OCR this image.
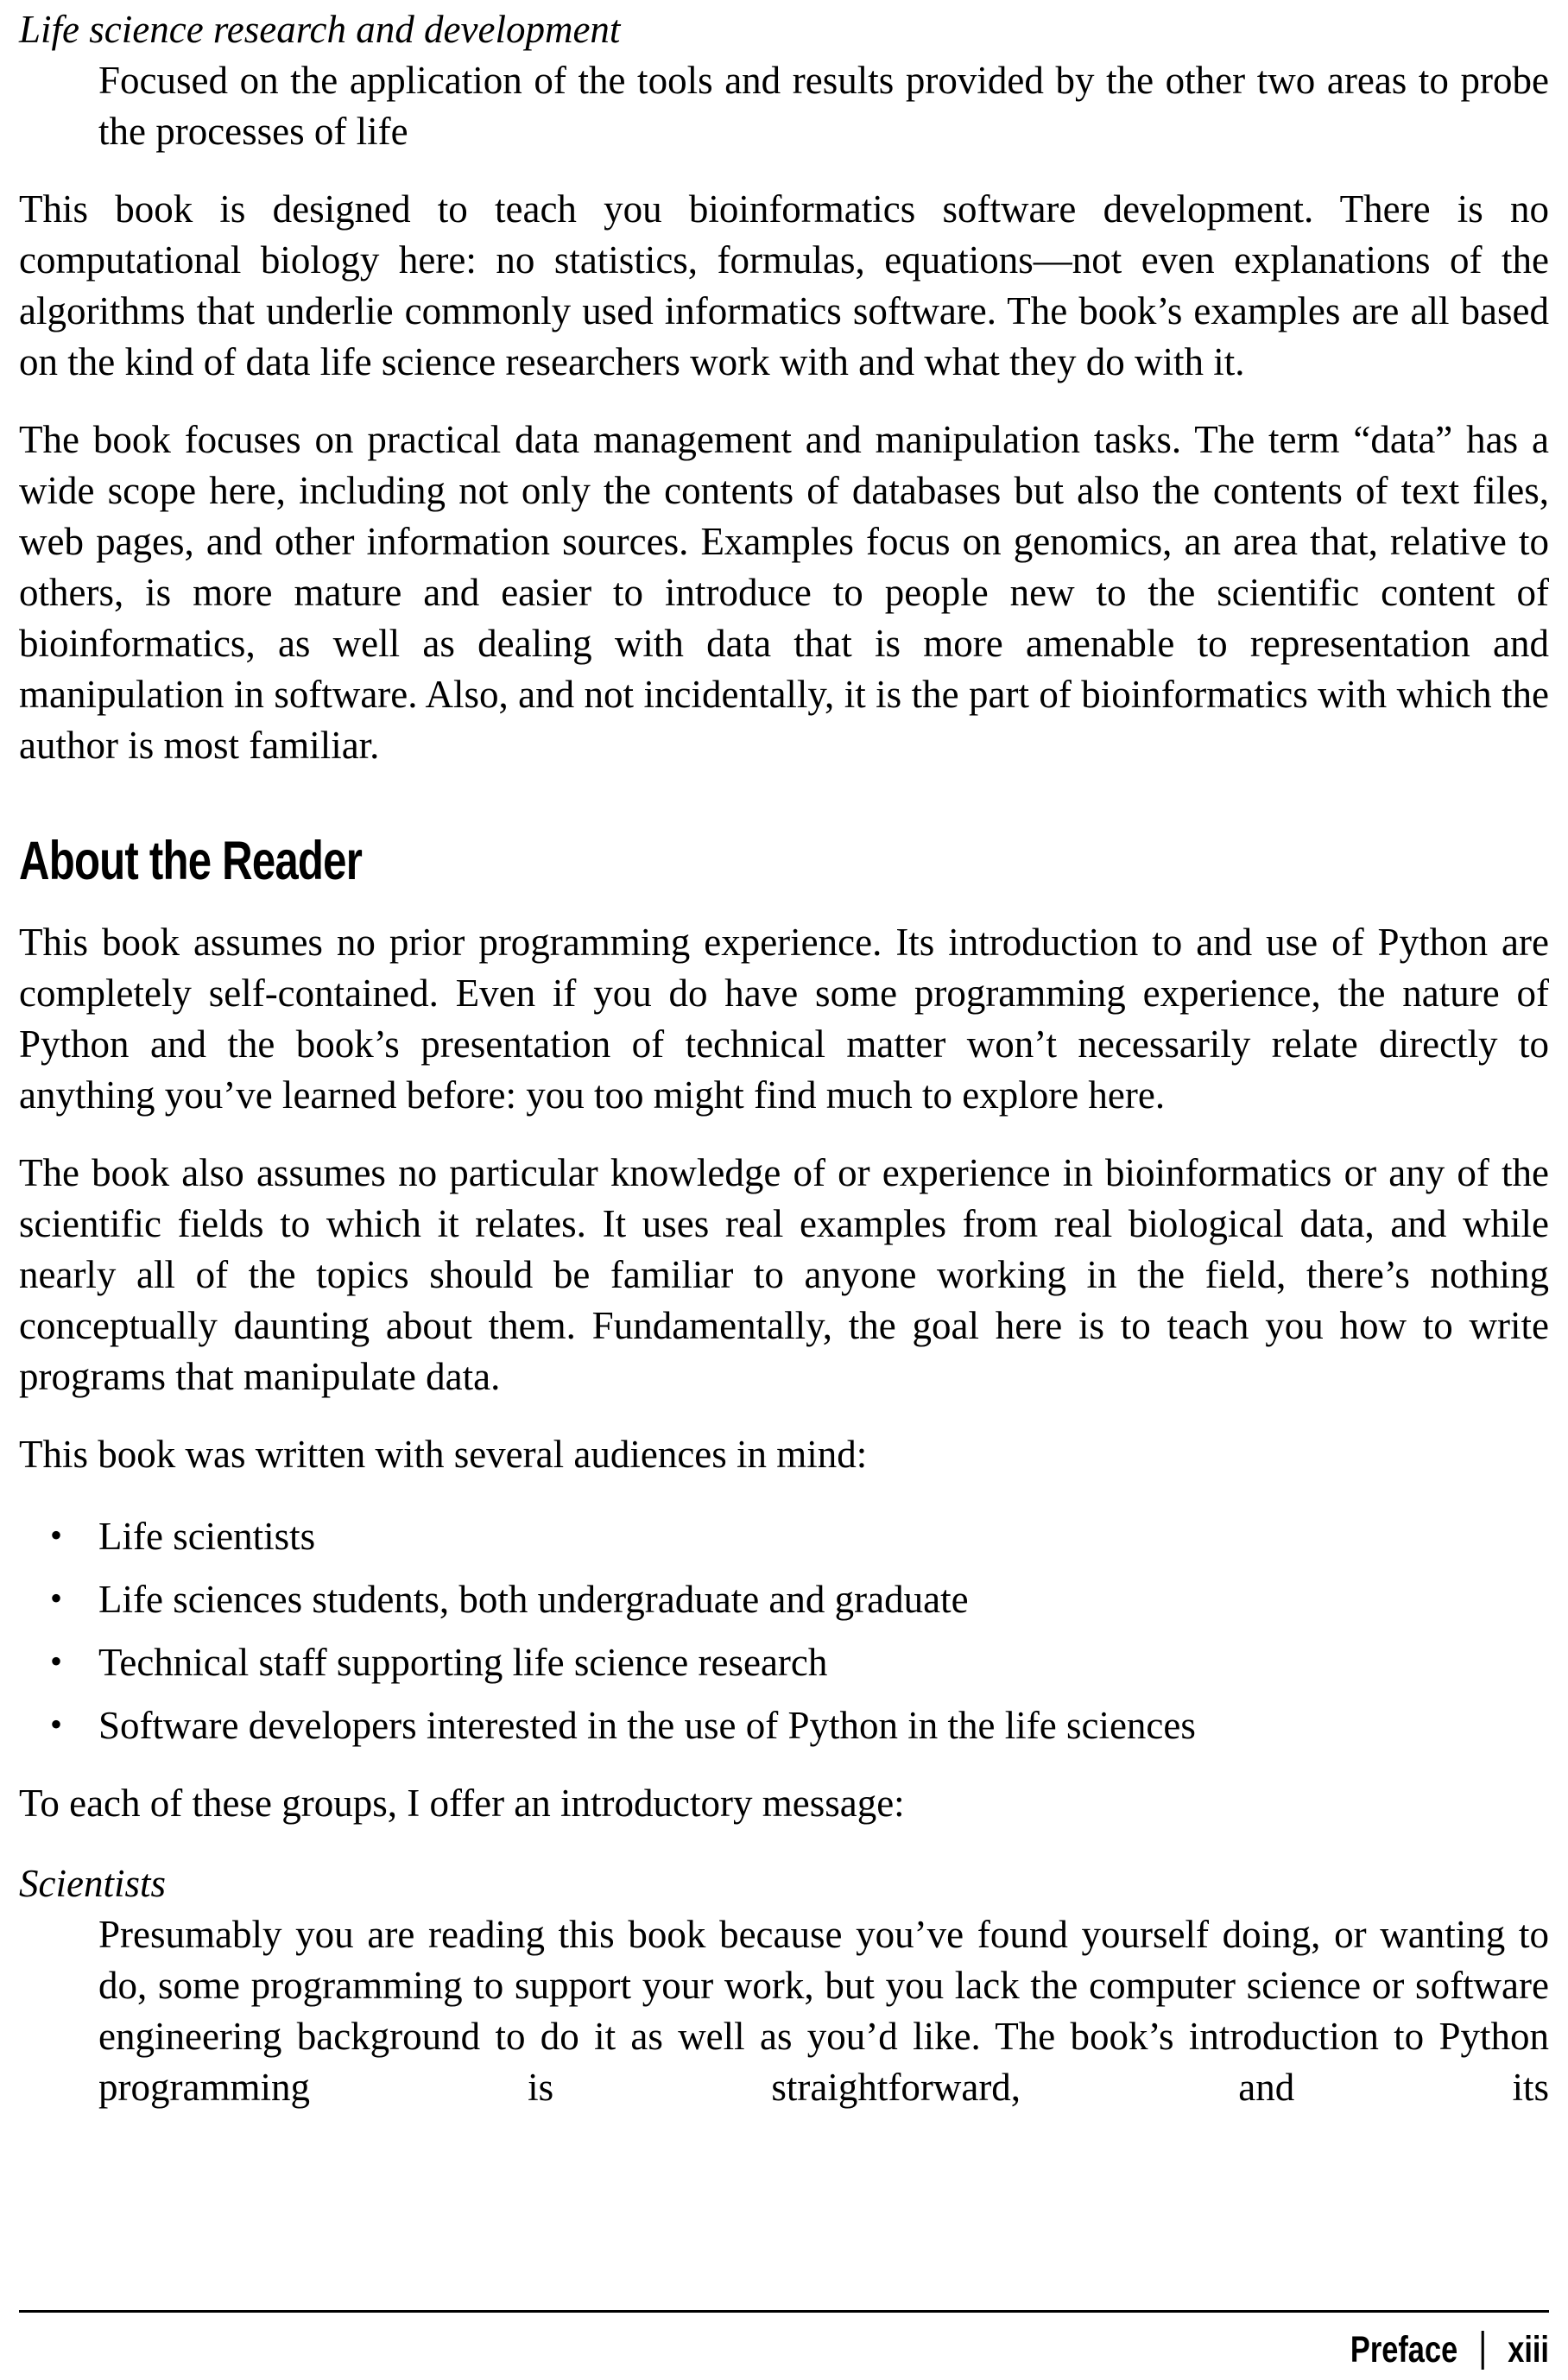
Life science research and development
Focused on the application of the tools and results provided by the other two areas to probe the processes of life

This book is designed to teach you bioinformatics software development. There is no computational biology here: no statistics, formulas, equations—not even explanations of the algorithms that underlie commonly used informatics software. The book’s examples are all based on the kind of data life science researchers work with and what they do with it.

The book focuses on practical data management and manipulation tasks. The term “data” has a wide scope here, including not only the contents of databases but also the contents of text files, web pages, and other information sources. Examples focus on genomics, an area that, relative to others, is more mature and easier to introduce to people new to the scientific content of bioinformatics, as well as dealing with data that is more amenable to representation and manipulation in software. Also, and not incidentally, it is the part of bioinformatics with which the author is most familiar.

About the Reader

This book assumes no prior programming experience. Its introduction to and use of Python are completely self-contained. Even if you do have some programming experience, the nature of Python and the book’s presentation of technical matter won’t necessarily relate directly to anything you’ve learned before: you too might find much to explore here.

The book also assumes no particular knowledge of or experience in bioinformatics or any of the scientific fields to which it relates. It uses real examples from real biological data, and while nearly all of the topics should be familiar to anyone working in the field, there’s nothing conceptually daunting about them. Fundamentally, the goal here is to teach you how to write programs that manipulate data.

This book was written with several audiences in mind:

• Life scientists
• Life sciences students, both undergraduate and graduate
• Technical staff supporting life science research
• Software developers interested in the use of Python in the life sciences

To each of these groups, I offer an introductory message:

Scientists
Presumably you are reading this book because you’ve found yourself doing, or wanting to do, some programming to support your work, but you lack the computer science or software engineering background to do it as well as you’d like. The book’s introduction to Python programming is straightforward, and its
Preface | xiii
